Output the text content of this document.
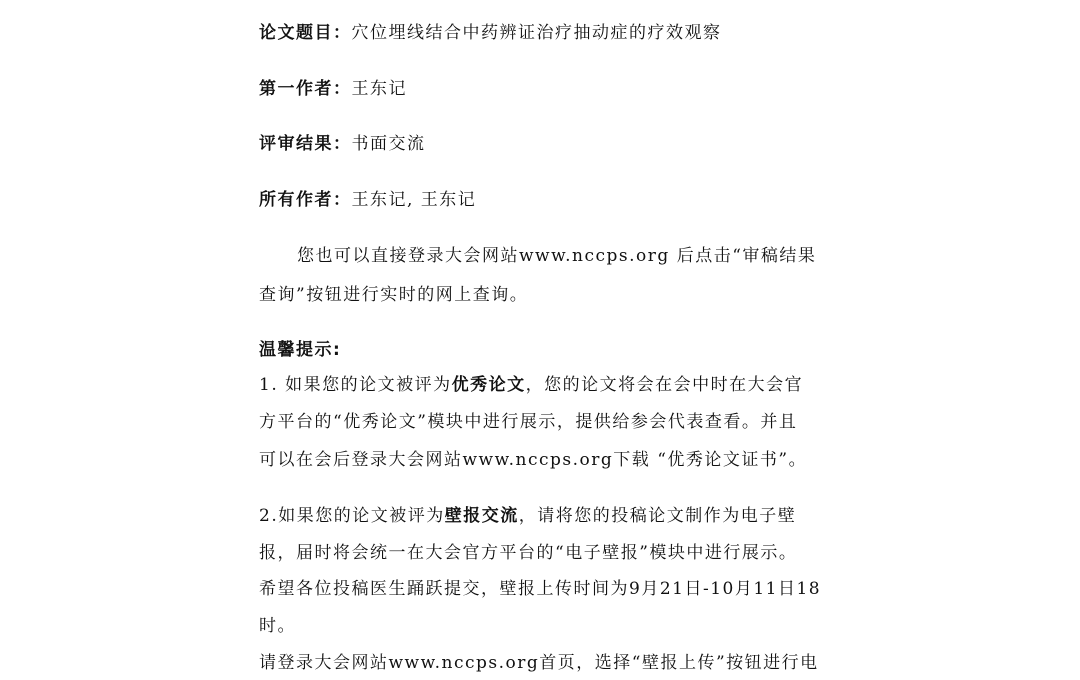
论文题目：穴位埋线结合中药辨证治疗抽动症的疗效观察
第一作者：王东记
评审结果：书面交流
所有作者：王东记, 王东记
您也可以直接登录大会网站www.nccps.org 后点击“审稿结果
查询”按钮进行实时的网上查询。
温馨提示:
1. 如果您的论文被评为优秀论文，您的论文将会在会中时在大会官
方平台的“优秀论文”模块中进行展示，提供给参会代表查看。并且
可以在会后登录大会网站www.nccps.org下载 “优秀论文证书”。
2.如果您的论文被评为壁报交流，请将您的投稿论文制作为电子壁
报，届时将会统一在大会官方平台的“电子壁报”模块中进行展示。
希望各位投稿医生踊跃提交，壁报上传时间为9月21日-10月11日18
时。
请登录大会网站www.nccps.org首页，选择“壁报上传”按钮进行电
